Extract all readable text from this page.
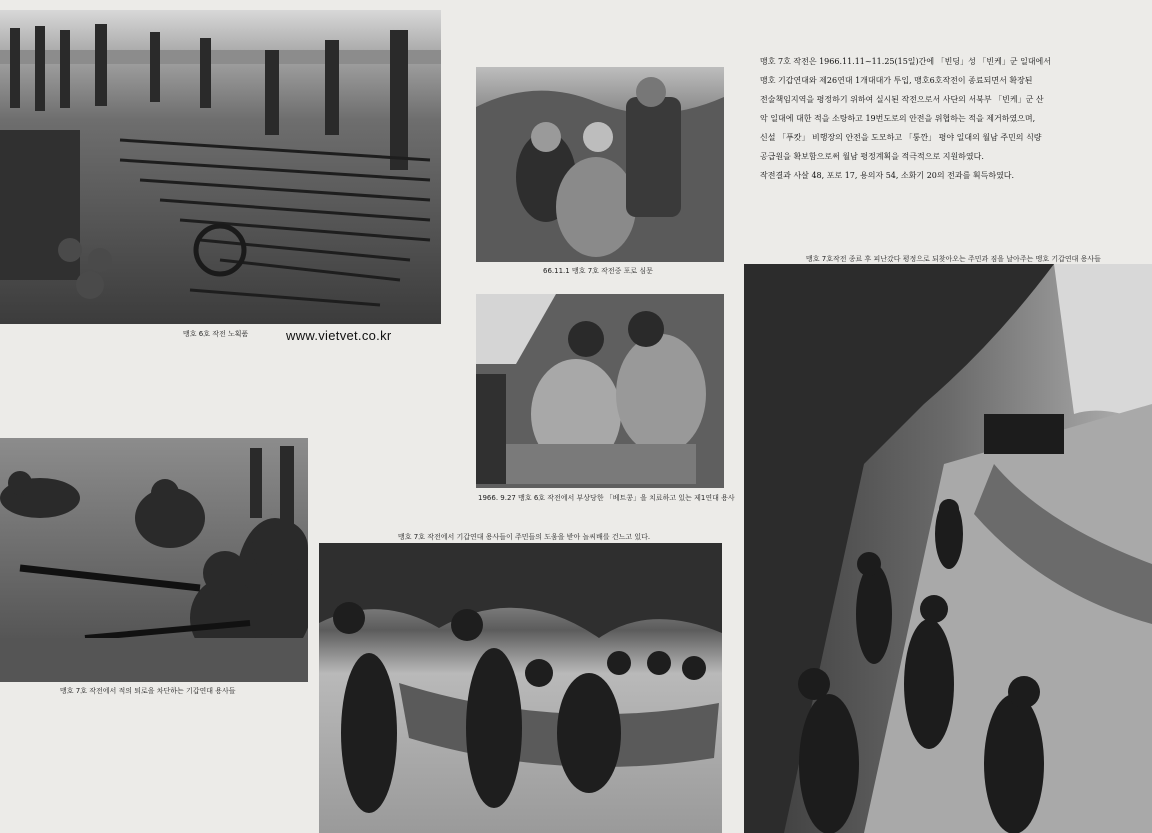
맹호 6호 작전 노획품	www.vietvet.co.kr
66.11.1 맹호 7호 작전중 포로 심문
1966. 9.27 맹호 6호 작전에서 부상당한 「베트콩」을 치료하고 있는 제1연대 용사

맹호 7호 작전은 1966.11.11~11.25(15일)간에 「빈딩」성 「빈케」군 일대에서

맹호 기갑연대와 제26연대 1개대대가 투입, 맹호6호작전이 종료되면서 확장된

전술책임지역을 평정하기 위하여 실시된 작전으로서 사단의 서북부 「빈케」군 산

악 일대에 대한 적을 소탕하고 19번도로의 안전을 위협하는 적을 제거하였으며,

신설 「푸캇」 비행장의 안전을 도모하고 「퉁깐」 평야 일대의 월남 주민의 식량

공급원을 확보함으로써 월남 평정계획을 적극적으로 지원하였다.

작전결과 사살 48, 포로 17, 용의자 54, 소화기 20의 전과를 획득하였다.

맹호 7호작전 종료 후 피난갔다 평정으로 되찾아오는 주민과 짐을 날아주는 맹호 기갑연대 용사들
맹호 7호 작전에서 적의 퇴로을 차단하는 기갑연대 용사들
맹호 7호 작전에서 기갑연대 용사들이 주민들의 도움을 받아 놀씨배를 건느고 있다.
